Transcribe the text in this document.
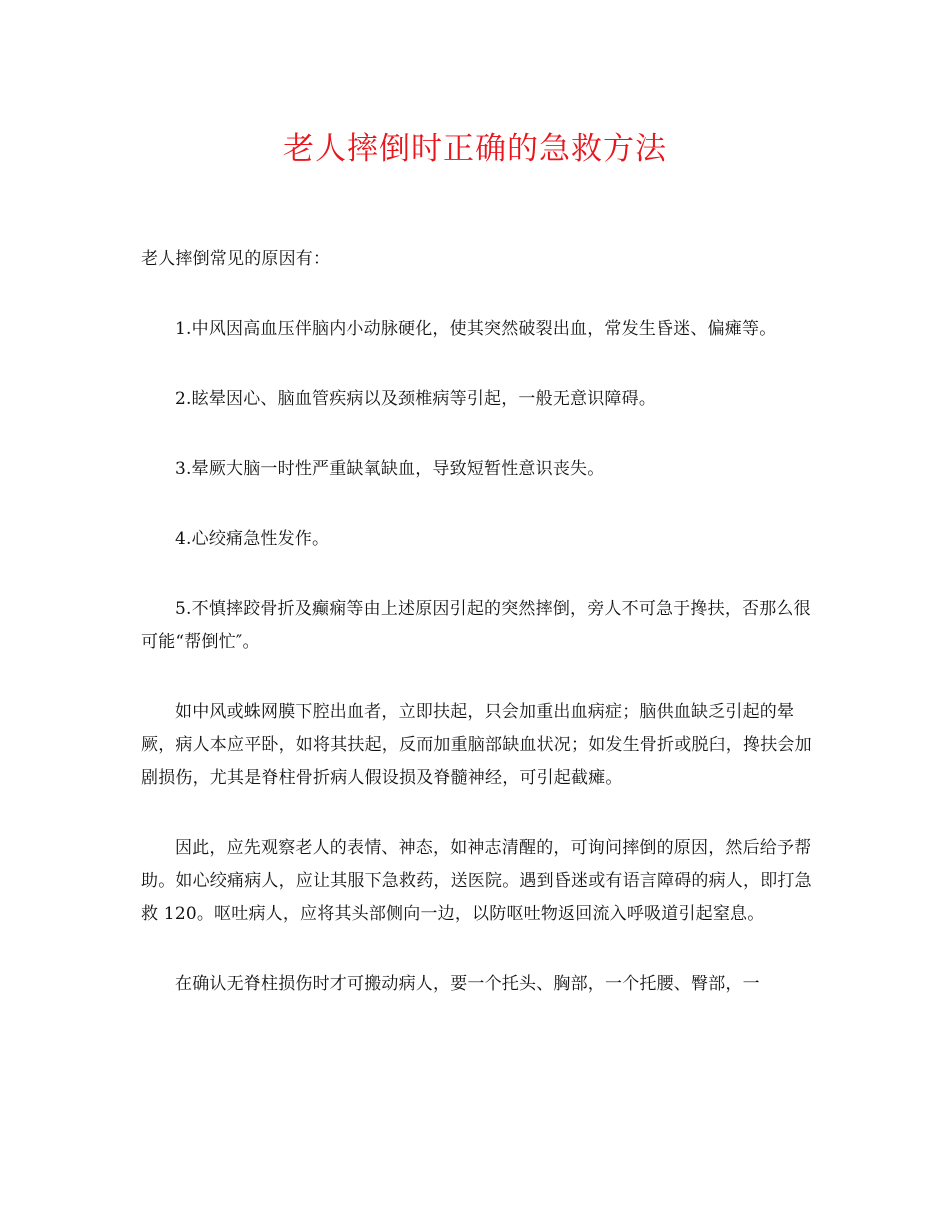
老人摔倒时正确的急救方法

老人摔倒常见的原因有：

1.中风因高血压伴脑内小动脉硬化，使其突然破裂出血，常发生昏迷、偏瘫等。

2.眩晕因心、脑血管疾病以及颈椎病等引起，一般无意识障碍。

3.晕厥大脑一时性严重缺氧缺血，导致短暂性意识丧失。

4.心绞痛急性发作。

5.不慎摔跤骨折及癫痫等由上述原因引起的突然摔倒，旁人不可急于搀扶，否那么很可能“帮倒忙″。

如中风或蛛网膜下腔出血者，立即扶起，只会加重出血病症；脑供血缺乏引起的晕厥，病人本应平卧，如将其扶起，反而加重脑部缺血状况；如发生骨折或脱臼，搀扶会加剧损伤，尤其是脊柱骨折病人假设损及脊髓神经，可引起截瘫。

因此，应先观察老人的表情、神态，如神志清醒的，可询问摔倒的原因，然后给予帮助。如心绞痛病人，应让其服下急救药，送医院。遇到昏迷或有语言障碍的病人，即打急救 120。呕吐病人，应将其头部侧向一边，以防呕吐物返回流入呼吸道引起窒息。

在确认无脊柱损伤时才可搬动病人，要一个托头、胸部，一个托腰、臀部，一
